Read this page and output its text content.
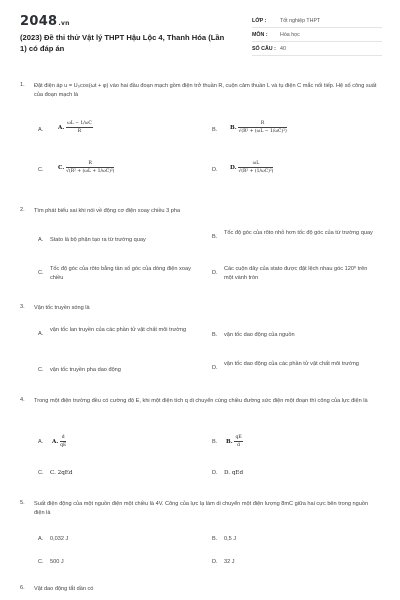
2048.vn
(2023) Đề thi thử Vật lý THPT Hậu Lộc 4, Thanh Hóa (Lần 1) có đáp án
LỚP :	Tốt nghiệp THPT
MÔN :	Hóa học
SỐ CÂU : 40
1. Đặt điện áp u = U₀cos(ωt + φ) vào hai đầu đoạn mạch gồm điện trở thuần R, cuộn cảm thuần L và tụ điện C mắc nối tiếp. Hệ số công suất của đoạn mạch là
A.	A. $\frac{\omega L - 1/\omega C}{R}$	B. B. $\frac{R}{\text{√(R² + (ωL − 1/ωC)²)}}$
C.	C. $\frac{R}{\text{√(R² + (ωL + 1/ωC)²)}}$	D. D. $\frac{\omega L}{\text{√(R² + (1/ωC)²)}}$
2. Tìm phát biểu sai khi nói về động cơ điện xoay chiều 3 pha
A. Stato là bộ phận tạo ra từ trường quay	B.
Tốc độ góc của rôto nhỏ hơn tốc độ góc của từ trường quay
C.
Tốc độ góc của rôto bằng tần số góc của dòng điện xoay chiều
D.
Các cuộn dây của stato được đặt lệch nhau góc 120⁰ trên một vành tròn
3. Vận tốc truyền sóng là
A.
vận tốc lan truyền của các phần tử vật chất môi trường
B. vận tốc dao động của nguồn
C. vận tốc truyền pha dao động	D.
vận tốc dao động của các phần tử vật chất môi trường
4. Trong một điện trường đều có cường độ E, khi một điện tích q di chuyển cùng chiều đường sức điện một đoạn thì công của lực điện là
A. A. $\frac{d}{qE}$	B. B. $\frac{qE}{d}$
C. C. 2qEd	D. D. qEd
5. Suất điện động của một nguồn điện một chiều là 4V. Công của lực lạ làm di chuyển một điện lượng 8mC giữa hai cực bên trong nguồn điện là
A. 0,032 J	B. 0,5 J
C. 500 J	D. 32 J
6. Vật dao động tắt dần có
